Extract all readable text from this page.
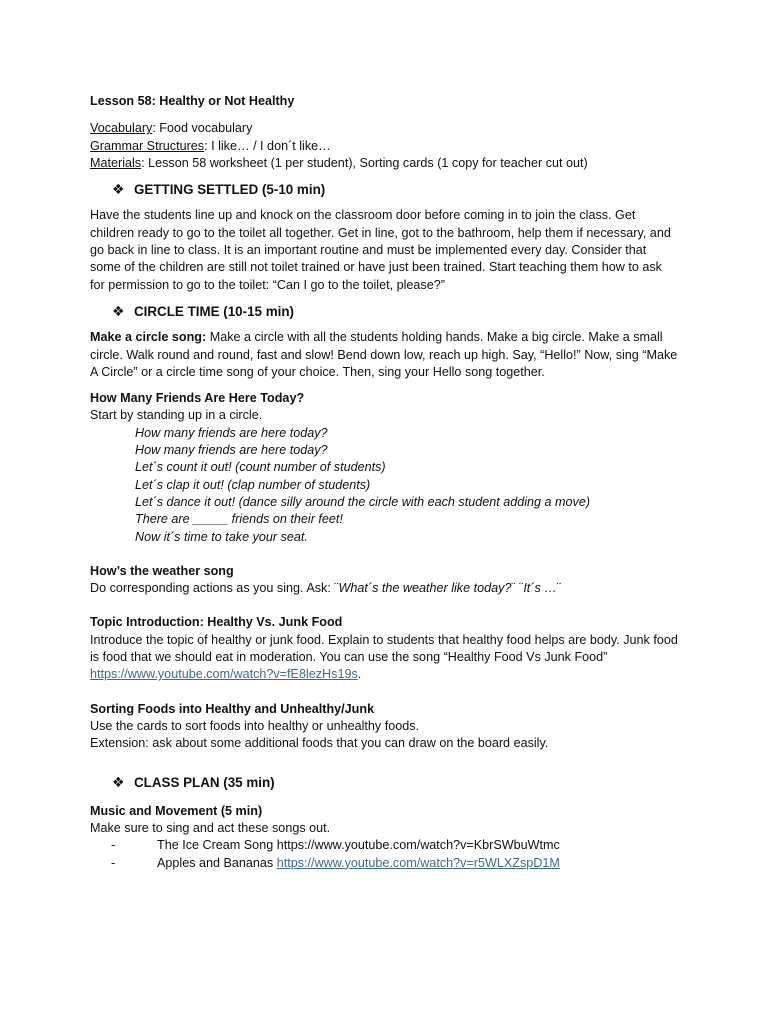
Lesson 58: Healthy or Not Healthy

Vocabulary: Food vocabulary

Grammar Structures: I like… / I don´t like…

Materials: Lesson 58 worksheet (1 per student), Sorting cards (1 copy for teacher cut out)

❖ GETTING SETTLED (5-10 min)

Have the students line up and knock on the classroom door before coming in to join the class. Get children ready to go to the toilet all together. Get in line, got to the bathroom, help them if necessary, and go back in line to class. It is an important routine and must be implemented every day. Consider that some of the children are still not toilet trained or have just been trained. Start teaching them how to ask for permission to go to the toilet: “Can I go to the toilet, please?”

❖ CIRCLE TIME (10-15 min)

Make a circle song: Make a circle with all the students holding hands. Make a big circle. Make a small circle. Walk round and round, fast and slow! Bend down low, reach up high. Say, “Hello!” Now, sing “Make A Circle” or a circle time song of your choice. Then, sing your Hello song together.

How Many Friends Are Here Today?

Start by standing up in a circle.

How many friends are here today?

How many friends are here today?

Let´s count it out! (count number of students)

Let´s clap it out! (clap number of students)

Let´s dance it out! (dance silly around the circle with each student adding a move)

There are _____ friends on their feet!

Now it´s time to take your seat.

How’s the weather song

Do corresponding actions as you sing. Ask: ¨What´s the weather like today?¨ ¨It´s …¨

Topic Introduction: Healthy Vs. Junk Food

Introduce the topic of healthy or junk food. Explain to students that healthy food helps are body. Junk food is food that we should eat in moderation. You can use the song “Healthy Food Vs Junk Food” https://www.youtube.com/watch?v=fE8lezHs19s.

Sorting Foods into Healthy and Unhealthy/Junk

Use the cards to sort foods into healthy or unhealthy foods.

Extension: ask about some additional foods that you can draw on the board easily.

❖ CLASS PLAN (35 min)

Music and Movement (5 min)

Make sure to sing and act these songs out.

-	The Ice Cream Song https://www.youtube.com/watch?v=KbrSWbuWtmc
-	Apples and Bananas https://www.youtube.com/watch?v=r5WLXZspD1M
